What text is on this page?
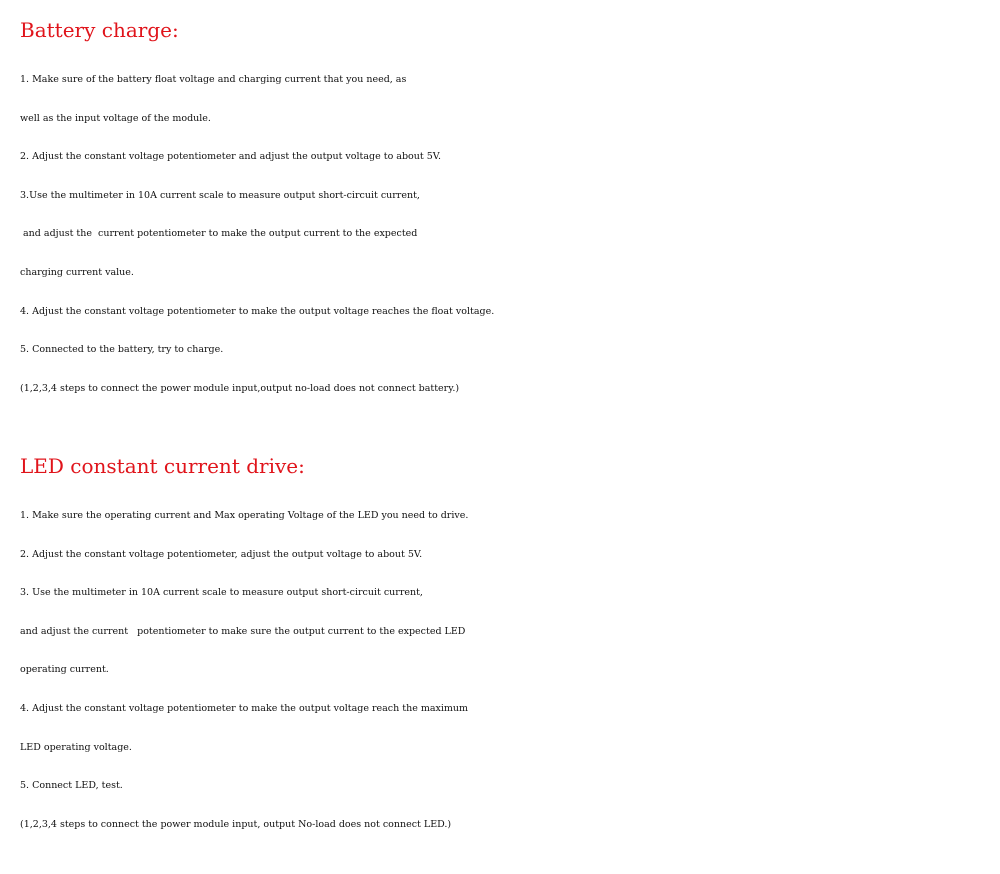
Battery charge:
1. Make sure of the battery float voltage and charging current that you need, as
well as the input voltage of the module.
2. Adjust the constant voltage potentiometer and adjust the output voltage to about 5V.
3.Use the multimeter in 10A current scale to measure output short-circuit current,
and adjust the  current potentiometer to make the output current to the expected
charging current value.
4. Adjust the constant voltage potentiometer to make the output voltage reaches the float voltage.
5. Connected to the battery, try to charge.
(1,2,3,4 steps to connect the power module input,output no-load does not connect battery.)
LED constant current drive:
1. Make sure the operating current and Max operating Voltage of the LED you need to drive.
2. Adjust the constant voltage potentiometer, adjust the output voltage to about 5V.
3. Use the multimeter in 10A current scale to measure output short-circuit current,
and adjust the current   potentiometer to make sure the output current to the expected LED
operating current.
4. Adjust the constant voltage potentiometer to make the output voltage reach the maximum
LED operating voltage.
5. Connect LED, test.
(1,2,3,4 steps to connect the power module input, output No-load does not connect LED.)
